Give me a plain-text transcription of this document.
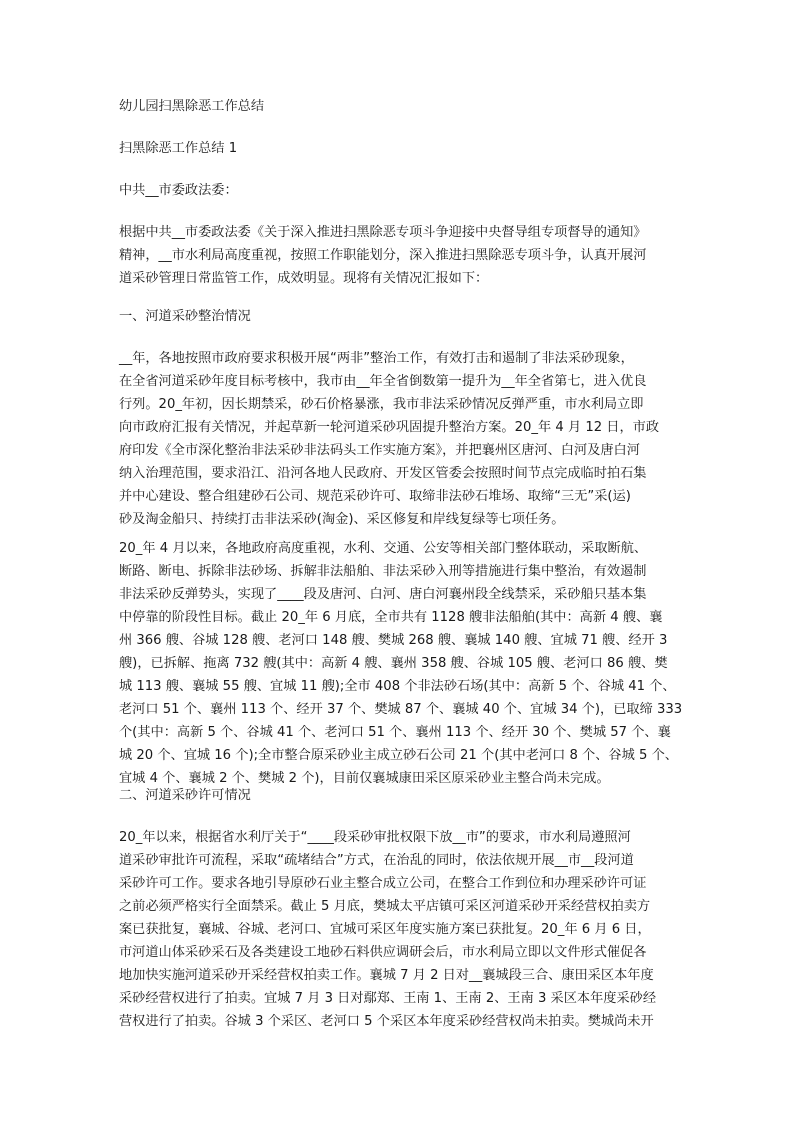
幼儿园扫黑除恶工作总结

扫黑除恶工作总结 1

中共__市委政法委：

根据中共__市委政法委《关于深入推进扫黑除恶专项斗争迎接中央督导组专项督导的通知》
精神，__市水利局高度重视，按照工作职能划分，深入推进扫黑除恶专项斗争，认真开展河
道采砂管理日常监管工作，成效明显。现将有关情况汇报如下：

一、河道采砂整治情况

__年，各地按照市政府要求积极开展“两非”整治工作，有效打击和遏制了非法采砂现象，
在全省河道采砂年度目标考核中，我市由__年全省倒数第一提升为__年全省第七，进入优良
行列。20_年初，因长期禁采，砂石价格暴涨，我市非法采砂情况反弹严重，市水利局立即
向市政府汇报有关情况，并起草新一轮河道采砂巩固提升整治方案。20_年 4 月 12 日，市政
府印发《全市深化整治非法采砂非法码头工作实施方案》，并把襄州区唐河、白河及唐白河
纳入治理范围，要求沿江、沿河各地人民政府、开发区管委会按照时间节点完成临时拍石集
并中心建设、整合组建砂石公司、规范采砂许可、取缔非法砂石堆场、取缔“三无”采(运)
砂及淘金船只、持续打击非法采砂(淘金)、采区修复和岸线复绿等七项任务。
20_年 4 月以来，各地政府高度重视，水利、交通、公安等相关部门整体联动，采取断航、
断路、断电、拆除非法砂场、拆解非法船舶、非法采砂入刑等措施进行集中整治，有效遏制
非法采砂反弹势头，实现了____段及唐河、白河、唐白河襄州段全线禁采，采砂船只基本集
中停靠的阶段性目标。截止 20_年 6 月底，全市共有 1128 艘非法船舶(其中：高新 4 艘、襄
州 366 艘、谷城 128 艘、老河口 148 艘、樊城 268 艘、襄城 140 艘、宜城 71 艘、经开 3
艘)，已拆解、拖离 732 艘(其中：高新 4 艘、襄州 358 艘、谷城 105 艘、老河口 86 艘、樊
城 113 艘、襄城 55 艘、宜城 11 艘);全市 408 个非法砂石场(其中：高新 5 个、谷城 41 个、
老河口 51 个、襄州 113 个、经开 37 个、樊城 87 个、襄城 40 个、宜城 34 个)，已取缔 333
个(其中：高新 5 个、谷城 41 个、老河口 51 个、襄州 113 个、经开 30 个、樊城 57 个、襄
城 20 个、宜城 16 个);全市整合原采砂业主成立砂石公司 21 个(其中老河口 8 个、谷城 5 个、
宜城 4 个、襄城 2 个、樊城 2 个)，目前仅襄城康田采区原采砂业主整合尚未完成。

二、河道采砂许可情况

20_年以来，根据省水利厅关于“____段采砂审批权限下放__市”的要求，市水利局遵照河
道采砂审批许可流程，采取“疏堵结合”方式，在治乱的同时，依法依规开展__市__段河道
采砂许可工作。要求各地引导原砂石业主整合成立公司，在整合工作到位和办理采砂许可证
之前必须严格实行全面禁采。截止 5 月底，樊城太平店镇可采区河道采砂开采经营权拍卖方
案已获批复，襄城、谷城、老河口、宜城可采区年度实施方案已获批复。20_年 6 月 6 日，
市河道山体采砂采石及各类建设工地砂石料供应调研会后，市水利局立即以文件形式催促各
地加快实施河道采砂开采经营权拍卖工作。襄城 7 月 2 日对__襄城段三合、康田采区本年度
采砂经营权进行了拍卖。宜城 7 月 3 日对鄢郑、王南 1、王南 2、王南 3 采区本年度采砂经
营权进行了拍卖。谷城 3 个采区、老河口 5 个采区本年度采砂经营权尚未拍卖。樊城尚未开
